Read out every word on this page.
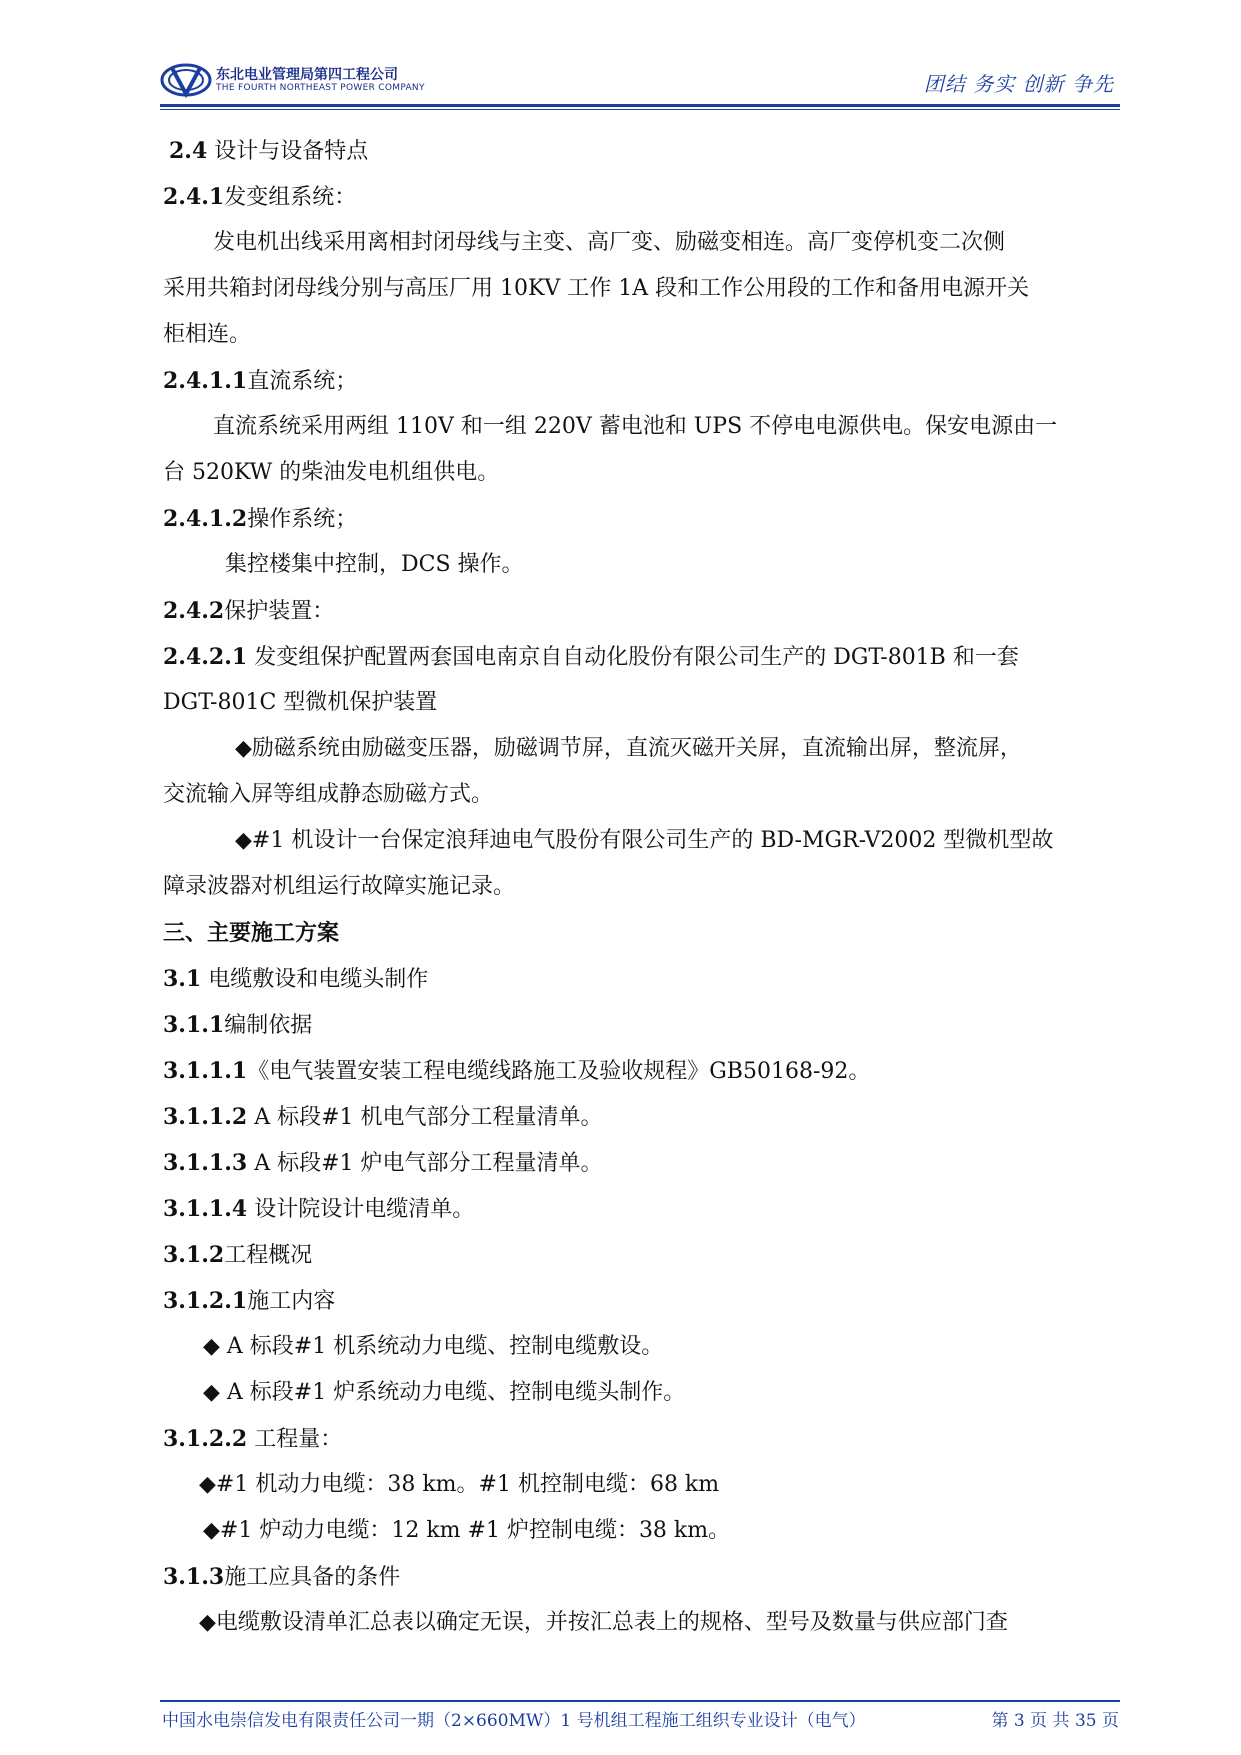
东北电业管理局第四工程公司
THE FOURTH NORTHEAST POWER COMPANY	团结 务实 创新 争先
2.4 设计与设备特点
2.4.1发变组系统：
发电机出线采用离相封闭母线与主变、高厂变、励磁变相连。高厂变停机变二次侧
采用共箱封闭母线分别与高压厂用 10KV 工作 1A 段和工作公用段的工作和备用电源开关
柜相连。
2.4.1.1直流系统；
直流系统采用两组 110V 和一组 220V 蓄电池和 UPS 不停电电源供电。保安电源由一
台 520KW 的柴油发电机组供电。
2.4.1.2操作系统；
集控楼集中控制，DCS 操作。
2.4.2保护装置：
2.4.2.1 发变组保护配置两套国电南京自自动化股份有限公司生产的 DGT-801B 和一套
DGT-801C 型微机保护装置
◆励磁系统由励磁变压器，励磁调节屏，直流灭磁开关屏，直流输出屏，整流屏，
交流输入屏等组成静态励磁方式。
◆#1 机设计一台保定浪拜迪电气股份有限公司生产的 BD-MGR-V2002 型微机型故
障录波器对机组运行故障实施记录。
三、主要施工方案
3.1 电缆敷设和电缆头制作
3.1.1编制依据
3.1.1.1《电气装置安装工程电缆线路施工及验收规程》GB50168-92。
3.1.1.2 A 标段#1 机电气部分工程量清单。
3.1.1.3 A 标段#1 炉电气部分工程量清单。
3.1.1.4 设计院设计电缆清单。
3.1.2工程概况
3.1.2.1施工内容
◆ A 标段#1 机系统动力电缆、控制电缆敷设。
◆ A 标段#1 炉系统动力电缆、控制电缆头制作。
3.1.2.2 工程量：
◆#1 机动力电缆：38 km。#1 机控制电缆：68 km
◆#1 炉动力电缆：12 km #1 炉控制电缆：38 km。
3.1.3施工应具备的条件
◆电缆敷设清单汇总表以确定无误，并按汇总表上的规格、型号及数量与供应部门查
中国水电崇信发电有限责任公司一期（2×660MW）1 号机组工程施工组织专业设计（电气）	第 3 页 共 35 页
